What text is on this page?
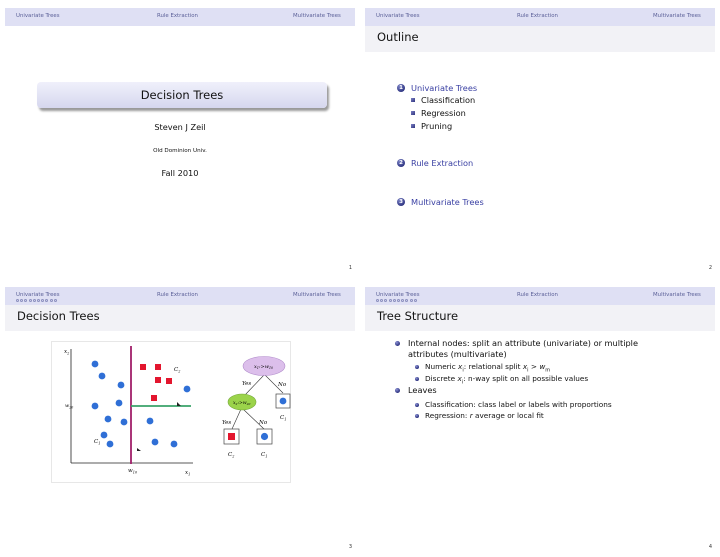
Univariate Trees	Rule Extraction	Multivariate Trees
Decision Trees
Steven J Zeil
Old Dominion Univ.
Fall 2010
1
Univariate Trees	Rule Extraction	Multivariate Trees
Outline
1 Univariate Trees
Classification
Regression
Pruning
2 Rule Extraction
3 Multivariate Trees
2
Univariate Trees	Rule Extraction	Multivariate Trees
Decision Trees
$x_2$
$x_1$
$w_{10}$
$w_{20}$
$C_2$
$C_1$
$x_1:>w_{10}$
$x_2:>w_{20}$
Yes	No
Yes	No
$C_1$
$C_2$	$C_1$
3
Univariate Trees	Rule Extraction	Multivariate Trees
Tree Structure
Internal nodes: split an attribute (univariate) or multiple
attributes (multivariate)
Numeric $x_i$: relational split $x_i > w_m$
Discrete $x_i$: n-way split on all possible values
Leaves
Classification: class label or labels with proportions
Regression: r average or local fit
4
